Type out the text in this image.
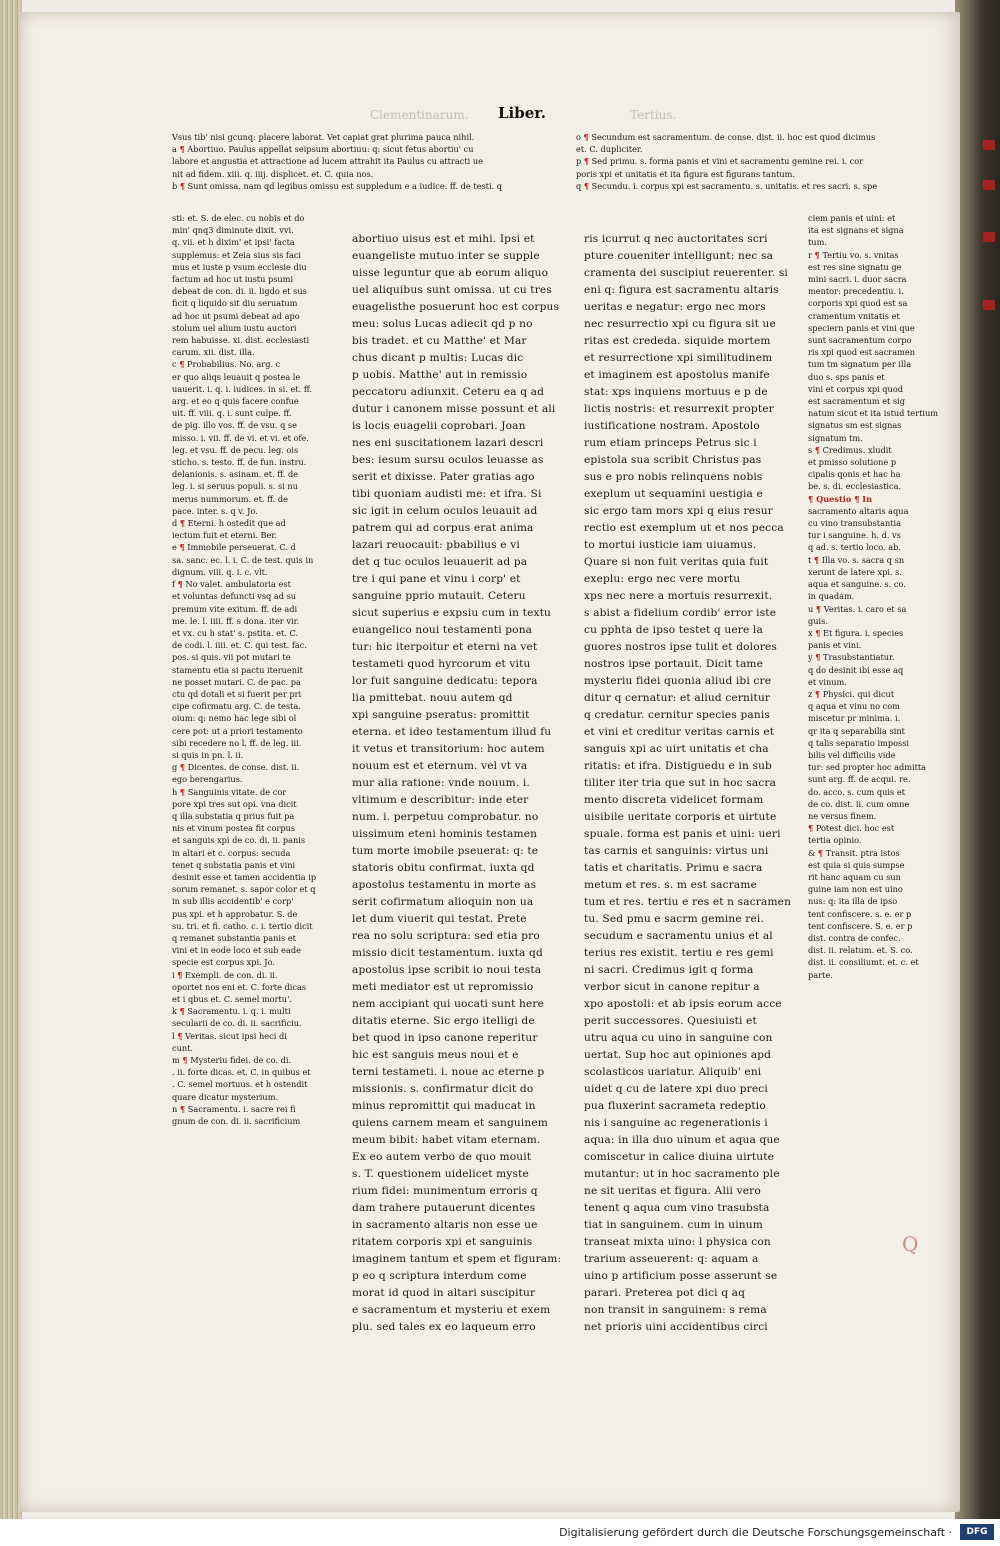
Clementinarum.	Tertius.
Liber.
Vsus tib' nisi gcunq: placere laborat. Vet capiat grat plurima pauca nihil.
a ¶ Abortiuo. Paulus appellat seipsum abortiuu: q: sicut fetus abortiu' cu
labore et angustia et attractione ad lucem attrahit ita Paulus cu attracti ue
nit ad fidem. xiii. q. iiij. displicet. et. C. quia nos.
b ¶ Sunt omissa. nam qd legibus omissu est suppledum e a iudice. ff. de testi. q
o ¶ Secundum est sacramentum. de conse. dist. ii. hoc est quod dicimus
et. C. dupliciter.
p ¶ Sed primu. s. forma panis et vini et sacramentu gemine rei. i. cor
poris xpi et unitatis et ita figura est figurans tantum.
q ¶ Secundu. i. corpus xpi est sacramentu. s. unitatis. et res sacri. s. spe
sti: et. S. de elec. cu nobis et do
min' qnq3 diminute dixit. vvi.
q. vii. et h dixim' et ipsi' facta
supplemus: et Zeia sius sis faci
mus et iuste p vsum ecclesie diu
factum ad hoc ut iustu psumi
debeat de con. di. ii. ligdo et sus
ficit q liquido sit diu seruatum
ad hoc ut psumi debeat ad apo
stolum uel alium iustu auctori
rem habuisse. xi. dist. ecclesiasti
carum. xii. dist. illa.
c ¶ Probabilius. No. arg. c
er quo aliqs leuauit q postea le
uauerit. i. q. i. iudices. in si. et. ff.
arg. et eo q quis facere confue
uit. ff. viii. q. i. sunt culpe. ff.
de pig. illo vos. ff. de vsu. q se
misso. i. vii. ff. de vi. et vi. et ofe.
leg. et vsu. ff. de pecu. leg. ois
sticho. s. testo. ff. de fun. instru.
delanionis. s. asinam. et. ff. de
leg. i. si seruus populi. s. si nu
merus nummorum. et. ff. de
pace. inter. s. q v. Jo.
d ¶ Eterni. h ostedit que ad
iectum fuit et eterni. Ber.
e ¶ Immobile perseuerat. C. d
sa. sanc. ec. l. i. C. de test. quis in
dignum. viii. q. i. c. vlt.
f ¶ No valet. ambulatoria est
et voluntas defuncti vsq ad su
premum vite exitum. ff. de adi
me. le. l. iiii. ff. s dona. iter vir.
et vx. cu h stat' s. pstita. et. C.
de codi. l. iiii. et. C. qui test. fac.
pos. si quis. vii pot mutari te
stamentu etia si pactu iteruenit
ne posset mutari. C. de pac. pa
ctu qd dotali et si fuerit per pri
cipe cofirmatu arg. C. de testa.
oium: q: nemo hac lege sibi ol
cere pot: ut a priori testamento
sibi recedere no l. ff. de leg. iii.
si quis in pn. l. ii.
g ¶ Dicentes. de conse. dist. ii.
ego berengarius.
h ¶ Sanguinis vitate. de cor
pore xpi tres sut opi. vna dicit
q illa substatia q prius fuit pa
nis et vinum postea fit corpus
et sanguis xpi de co. di. ii. panis
in altari et c. corpus: secuda
tenet q substatia panis et vini
desinit esse et tamen accidentia ip
sorum remanet. s. sapor color et q
in sub illis accidentib' e corp'
pus xpi. et h approbatur. S. de
su. tri. et fi. catho. c. i. tertio dicit
q remanet substantia panis et
vini et in eode loco et sub eade
specie est corpus xpi. Jo.
i ¶ Exempli. de con. di. ii.
oportet nos eni et. C. forte dicas
et i qbus et. C. semel mortu'.
k ¶ Sacramentu. i. q. i. multi
secularii de co. di. ii. sacrificiu.
l ¶ Veritas. sicut ipsi heci di
cunt.
m ¶ Mysteriu fidei. de co. di.
. ii. forte dicas. et. C. in quibus et
. C. semel mortuus. et h ostendit
quare dicatur mysterium.
n ¶ Sacramentu. i. sacre rei fi
gnum de con. di. ii. sacrificium
abortiuo uisus est et mihi. Ipsi et
euangeliste mutuo inter se supple
uisse leguntur que ab eorum aliquo
uel aliquibus sunt omissa. ut cu tres
euagelisthe posuerunt hoc est corpus
meu: solus Lucas adiecit qd p no
bis tradet. et cu Matthe' et Mar
chus dicant p multis: Lucas dic
p uobis. Matthe' aut in remissio
peccatoru adiunxit. Ceteru ea q ad
dutur i canonem misse possunt et ali
is locis euagelii coprobari. Joan
nes eni suscitationem lazari descri
bes: iesum sursu oculos leuasse as
serit et dixisse. Pater gratias ago
tibi quoniam audisti me: et ifra. Si
sic igit in celum oculos leuauit ad
patrem qui ad corpus erat anima
lazari reuocauit: pbabilius e vi
det q tuc oculos leuauerit ad pa
tre i qui pane et vinu i corp' et
sanguine pprio mutauit. Ceteru
sicut superius e expsiu cum in textu
euangelico noui testamenti pona
tur: hic iterpoitur et eterni na vet
testameti quod hyrcorum et vitu
lor fuit sanguine dedicatu: tepora
lia pmittebat. nouu autem qd
xpi sanguine pseratus: promittit
eterna. et ideo testamentum illud fu
it vetus et transitorium: hoc autem
nouum est et eternum. vel vt va
mur alia ratione: vnde nouum. i.
vltimum e describitur: inde eter
num. i. perpetuu comprobatur. no
uissimum eteni hominis testamen
tum morte imobile pseuerat: q: te
statoris obitu confirmat. iuxta qd
apostolus testamentu in morte as
serit cofirmatum alioquin non ua
let dum viuerit qui testat. Prete
rea no solu scriptura: sed etia pro
missio dicit testamentum. iuxta qd
apostolus ipse scribit io noui testa
meti mediator est ut repromissio
nem accipiant qui uocati sunt here
ditatis eterne. Sic ergo itelligi de
bet quod in ipso canone reperitur
hic est sanguis meus noui et e
terni testameti. i. noue ac eterne p
missionis. s. confirmatur dicit do
minus repromittit qui maducat in
quiens carnem meam et sanguinem
meum bibit: habet vitam eternam.
Ex eo autem verbo de quo mouit
s. T. questionem uidelicet myste
rium fidei: munimentum erroris q
dam trahere putauerunt dicentes
in sacramento altaris non esse ue
ritatem corporis xpi et sanguinis
imaginem tantum et spem et figuram:
p eo q scriptura interdum come
morat id quod in altari suscipitur
e sacramentum et mysteriu et exem
plu. sed tales ex eo laqueum erro
ris icurrut q nec auctoritates scri
pture coueniter intelligunt: nec sa
cramenta dei suscipiut reuerenter. si
eni q: figura est sacramentu altaris
ueritas e negatur: ergo nec mors
nec resurrectio xpi cu figura sit ue
ritas est crededa. siquide mortem
et resurrectione xpi similitudinem
et imaginem est apostolus manife
stat: xps inquiens mortuus e p de
lictis nostris: et resurrexit propter
iustificatione nostram. Apostolo
rum etiam princeps Petrus sic i
epistola sua scribit Christus pas
sus e pro nobis relinquens nobis
exeplum ut sequamini uestigia e
sic ergo tam mors xpi q eius resur
rectio est exemplum ut et nos pecca
to mortui iusticie iam uiuamus.
Quare si non fuit veritas quia fuit
exeplu: ergo nec vere mortu
xps nec nere a mortuis resurrexit.
s abist a fidelium cordib' error iste
cu pphta de ipso testet q uere la
guores nostros ipse tulit et dolores
nostros ipse portauit. Dicit tame
mysteriu fidei quonia aliud ibi cre
ditur q cernatur: et aliud cernitur
q credatur. cernitur species panis
et vini et creditur veritas carnis et
sanguis xpi ac uirt unitatis et cha
ritatis: et ifra. Distiguedu e in sub
tiliter iter tria que sut in hoc sacra
mento discreta videlicet formam
uisibile ueritate corporis et uirtute
spuale. forma est panis et uini: ueri
tas carnis et sanguinis: virtus uni
tatis et charitatis. Primu e sacra
metum et res. s. m est sacrame
tum et res. tertiu e res et n sacramen
tu. Sed pmu e sacrm gemine rei.
secudum e sacramentu unius et al
terius res existit. tertiu e res gemi
ni sacri. Credimus igit q forma
verbor sicut in canone repitur a
xpo apostoli: et ab ipsis eorum acce
perit successores. Quesiuisti et
utru aqua cu uino in sanguine con
uertat. Sup hoc aut opiniones apd
scolasticos uariatur. Aliquib' eni
uidet q cu de latere xpi duo preci
pua fluxerint sacrameta redeptio
nis i sanguine ac regenerationis i
aqua: in illa duo uinum et aqua que
comiscetur in calice diuina uirtute
mutantur: ut in hoc sacramento ple
ne sit ueritas et figura. Alii vero
tenent q aqua cum vino trasubsta
tiat in sanguinem. cum in uinum
transeat mixta uino: l physica con
trarium asseuerent: q: aquam a
uino p artificium posse asserunt se
parari. Preterea pot dici q aq
non transit in sanguinem: s rema
net prioris uini accidentibus circi
ciem panis et uini: et
ita est signans et signa
tum.
r ¶ Tertiu vo. s. vnitas
est res sine signatu ge
mini sacri. i. duor sacra
mentor: precedentiu. i.
corporis xpi quod est sa
cramentum vnitatis et
speciern panis et vini que
sunt sacramentum corpo
ris xpi quod est sacramen
tum tm signatum per illa
duo s. sps panis et
vini et corpus xpi quod
est sacramentum et sig
natum sicut et ita istud tertium
signatus sm est signas
signatum tm.
s ¶ Credimus. xludit
et pmisso solutione p
cipalis qonis et hac ha
be. s. di. ecclesiastica.
¶ Questio ¶ In
sacramento altaris aqua
cu vino transubstantia
tur i sanguine. h. d. vs
q ad. s. tertio loco. ab.
t ¶ Illa vo. s. sacra q sn
xerunt de latere xpi. s.
aqua et sanguine. s. co.
in quadam.
u ¶ Veritas. i. caro et sa
guis.
x ¶ Et figura. i. species
panis et vini.
y ¶ Trasubstantiatur.
q do desinit ibi esse aq
et vinum.
z ¶ Physici. qui dicut
q aqua et vinu no com
miscetur pr minima. i.
qr ita q separabilia sint
q talis separatio impossi
bilis vel difficilis vide
tur: sed propter hoc admitta
sunt arg. ff. de acqui. re.
do. acco. s. cum quis et
de co. dist. ii. cum omne
ne versus finem.
¶ Potest dici. hoc est
tertia opinio.
& ¶ Transit. ptra istos
est quia si quis sumpse
rit hanc aquam cu sun
guine iam non est uino
nus: q: ita illa de ipso
tent confiscere. s. e. er p
tent confiscere. S. e. er p
dist. contra de confec.
dist. ii. relatum. et. S. co.
dist. ii. consiliumt. et. c. et
parte.
Q
Digitalisierung gefördert durch die Deutsche Forschungsgemeinschaft ·	DFG
